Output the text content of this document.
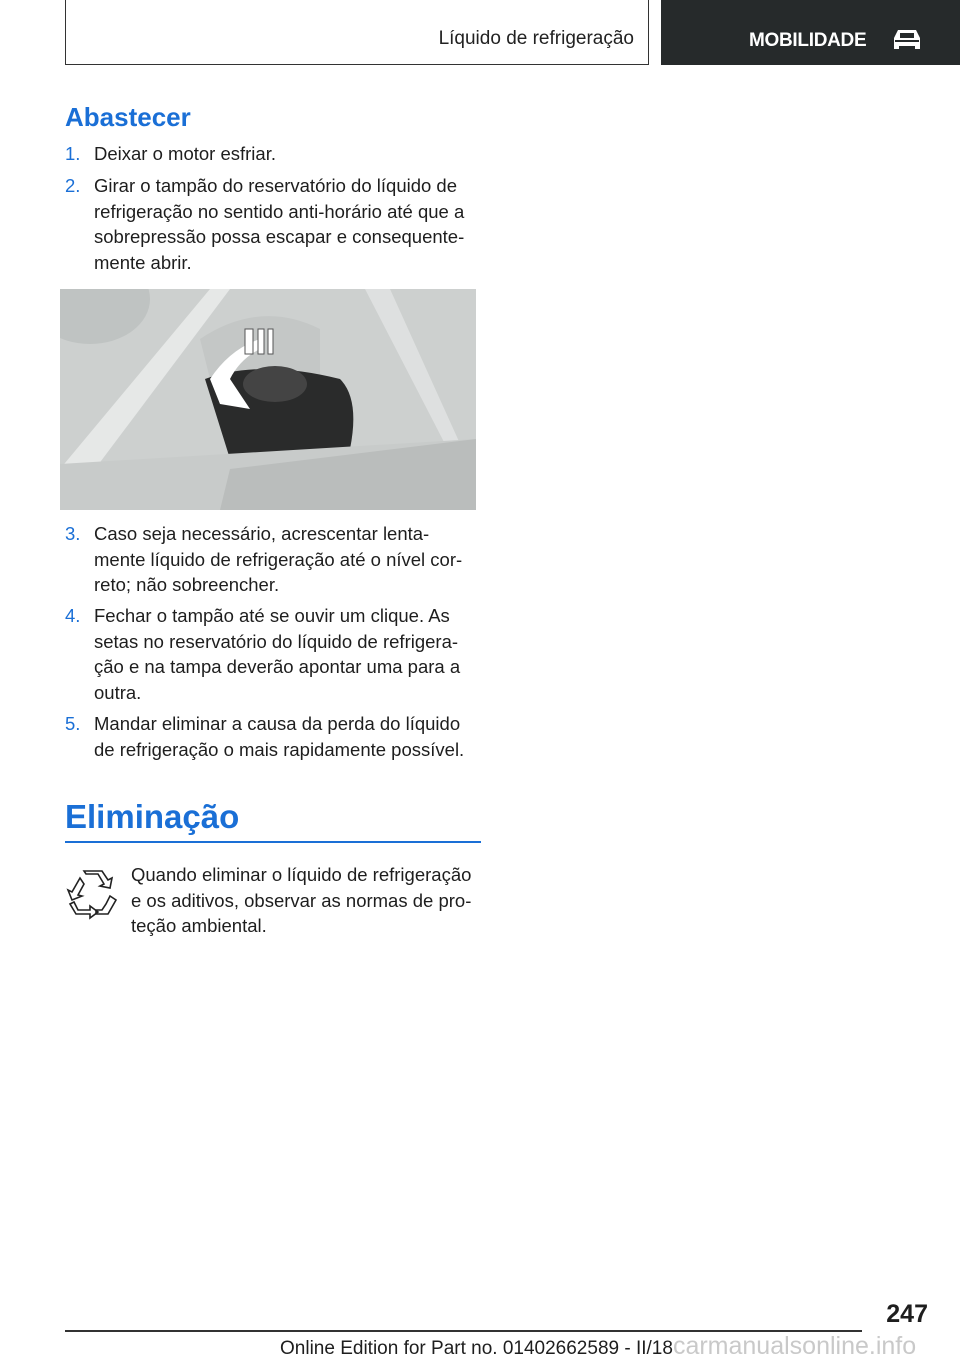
Líquido de refrigeração	MOBILIDADE
Abastecer
1. Deixar o motor esfriar.
2. Girar o tampão do reservatório do líquido de
refrigeração no sentido anti-horário até que a
sobrepressão possa escapar e consequente-
mente abrir.
3. Caso seja necessário, acrescentar lenta-
mente líquido de refrigeração até o nível cor-
reto; não sobreencher.
4. Fechar o tampão até se ouvir um clique. As
setas no reservatório do líquido de refrigera-
ção e na tampa deverão apontar uma para a
outra.
5. Mandar eliminar a causa da perda do líquido
de refrigeração o mais rapidamente possível.
Eliminação
Quando eliminar o líquido de refrigeração
e os aditivos, observar as normas de pro-
teção ambiental.
247
Online Edition for Part no. 01402662589 - II/18carmanualsonline.info
